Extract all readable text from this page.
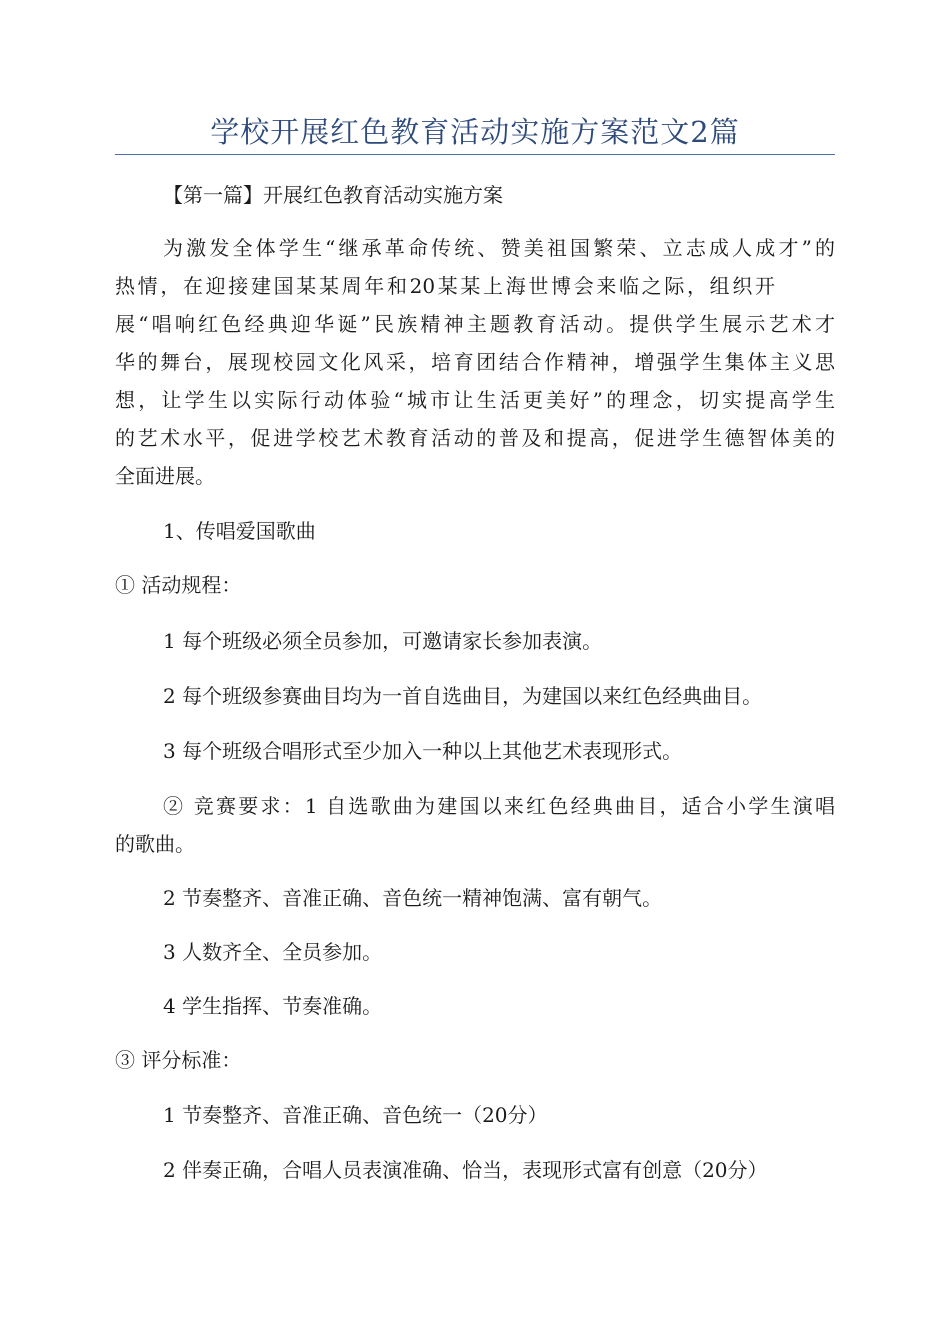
学校开展红色教育活动实施方案范文2篇
【第一篇】开展红色教育活动实施方案
为激发全体学生“继承革命传统、赞美祖国繁荣、立志成人成才”的
热情，在迎接建国某某周年和20某某上海世博会来临之际，组织开
展“唱响红色经典迎华诞”民族精神主题教育活动。提供学生展示艺术才
华的舞台，展现校园文化风采，培育团结合作精神，增强学生集体主义思
想，让学生以实际行动体验“城市让生活更美好”的理念，切实提高学生
的艺术水平，促进学校艺术教育活动的普及和提高，促进学生德智体美的
全面进展。
1、传唱爱国歌曲
① 活动规程：
1 每个班级必须全员参加，可邀请家长参加表演。
2 每个班级参赛曲目均为一首自选曲目，为建国以来红色经典曲目。
3 每个班级合唱形式至少加入一种以上其他艺术表现形式。
② 竞赛要求：1 自选歌曲为建国以来红色经典曲目，适合小学生演唱
的歌曲。
2 节奏整齐、音准正确、音色统一精神饱满、富有朝气。
3 人数齐全、全员参加。
4 学生指挥、节奏准确。
③ 评分标准：
1 节奏整齐、音准正确、音色统一（20分）
2 伴奏正确，合唱人员表演准确、恰当，表现形式富有创意（20分）
